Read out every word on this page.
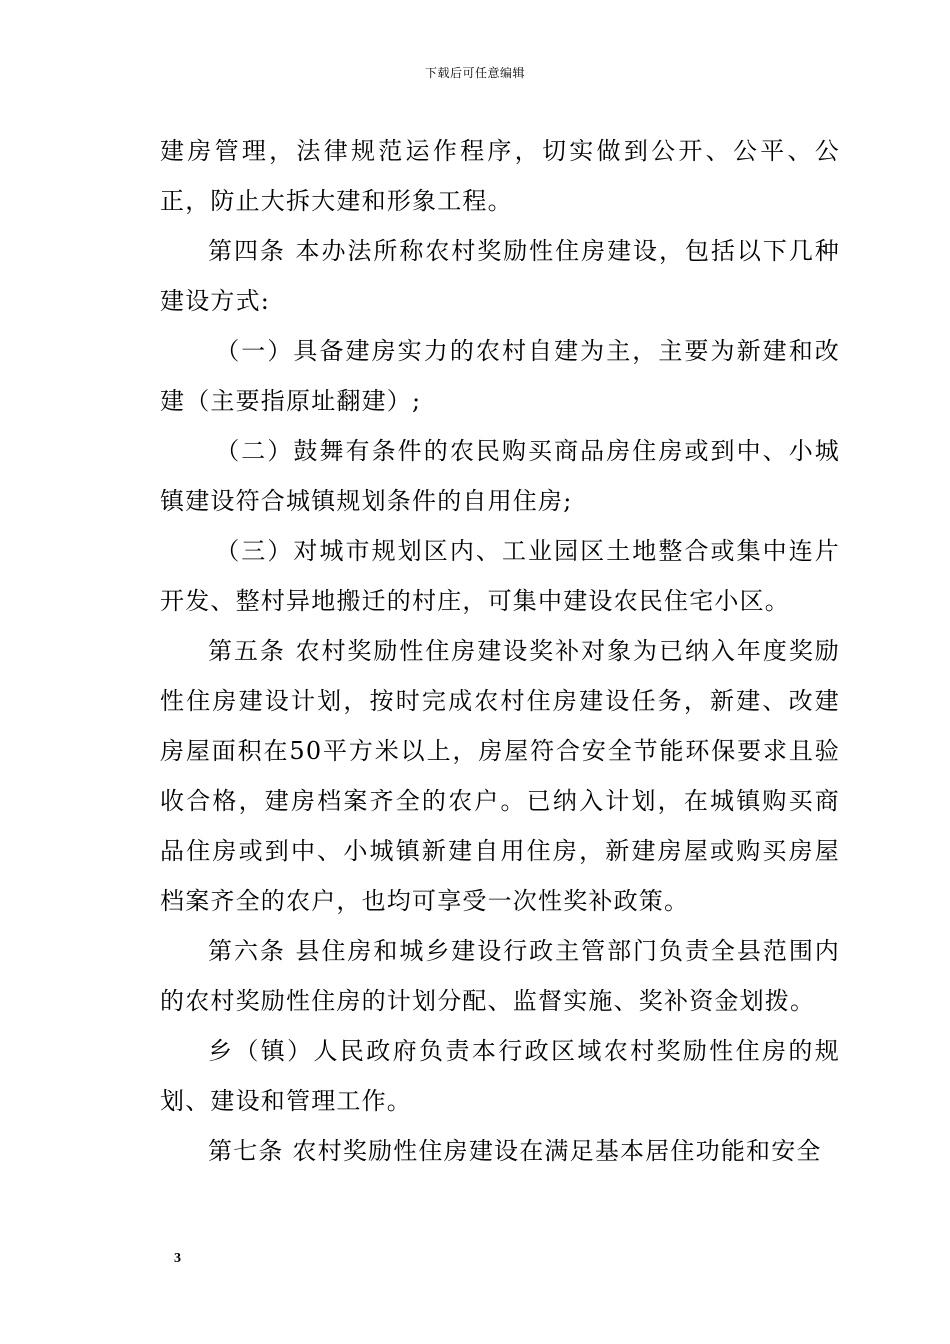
下载后可任意编辑

建房管理，法律规范运作程序，切实做到公开、公平、公正，防止大拆大建和形象工程。

第四条 本办法所称农村奖励性住房建设，包括以下几种建设方式:

（一）具备建房实力的农村自建为主，主要为新建和改建（主要指原址翻建）;

（二）鼓舞有条件的农民购买商品房住房或到中、小城镇建设符合城镇规划条件的自用住房;

（三）对城市规划区内、工业园区土地整合或集中连片开发、整村异地搬迁的村庄，可集中建设农民住宅小区。

第五条 农村奖励性住房建设奖补对象为已纳入年度奖励性住房建设计划，按时完成农村住房建设任务，新建、改建房屋面积在50平方米以上，房屋符合安全节能环保要求且验收合格，建房档案齐全的农户。已纳入计划，在城镇购买商品住房或到中、小城镇新建自用住房，新建房屋或购买房屋档案齐全的农户，也均可享受一次性奖补政策。

第六条 县住房和城乡建设行政主管部门负责全县范围内的农村奖励性住房的计划分配、监督实施、奖补资金划拨。

乡（镇）人民政府负责本行政区域农村奖励性住房的规划、建设和管理工作。

第七条 农村奖励性住房建设在满足基本居住功能和安全

3
